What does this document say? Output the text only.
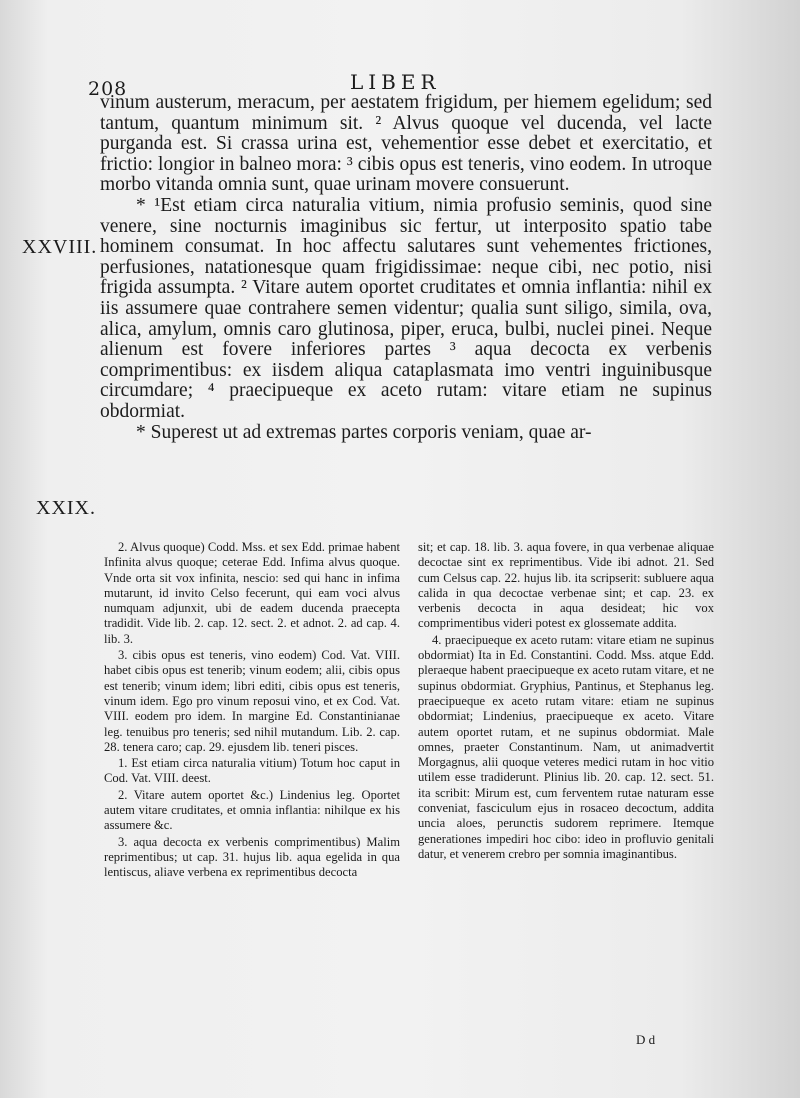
208	LIBER
XXVIII.
XXIX.

vinum austerum, meracum, per aestatem frigidum, per hiemem egelidum; sed tantum, quantum minimum sit. ² Alvus quoque vel ducenda, vel lacte purganda est. Si crassa urina est, vehementior esse debet et exercitatio, et frictio: longior in balneo mora: ³ cibis opus est teneris, vino eodem. In utroque morbo vitanda omnia sunt, quae urinam movere consuerunt.

* ¹Est etiam circa naturalia vitium, nimia profusio seminis, quod sine venere, sine nocturnis imaginibus sic fertur, ut interposito spatio tabe hominem consumat. In hoc affectu salutares sunt vehementes frictiones, perfusiones, natationesque quam frigidissimae: neque cibi, nec potio, nisi frigida assumpta. ² Vitare autem oportet cruditates et omnia inflantia: nihil ex iis assumere quae contrahere semen videntur; qualia sunt siligo, simila, ova, alica, amylum, omnis caro glutinosa, piper, eruca, bulbi, nuclei pinei. Neque alienum est fovere inferiores partes ³ aqua decocta ex verbenis comprimentibus: ex iisdem aliqua cataplasmata imo ventri inguinibusque circumdare; ⁴ praecipueque ex aceto rutam: vitare etiam ne supinus obdormiat.

* Superest ut ad extremas partes corporis veniam, quae ar-

2. Alvus quoque) Codd. Mss. et sex Edd. primae habent Infinita alvus quoque; ceterae Edd. Infima alvus quoque. Vnde orta sit vox infinita, nescio: sed qui hanc in infima mutarunt, id invito Celso fecerunt, qui eam voci alvus numquam adjunxit, ubi de eadem ducenda praecepta tradidit. Vide lib. 2. cap. 12. sect. 2. et adnot. 2. ad cap. 4. lib. 3.

3. cibis opus est teneris, vino eodem) Cod. Vat. VIII. habet cibis opus est tenerib; vinum eodem; alii, cibis opus est tenerib; vinum idem; libri editi, cibis opus est teneris, vinum idem. Ego pro vinum reposui vino, et ex Cod. Vat. VIII. eodem pro idem. In margine Ed. Constantinianae leg. tenuibus pro teneris; sed nihil mutandum. Lib. 2. cap. 28. tenera caro; cap. 29. ejusdem lib. teneri pisces.

1. Est etiam circa naturalia vitium) Totum hoc caput in Cod. Vat. VIII. deest.

2. Vitare autem oportet &c.) Lindenius leg. Oportet autem vitare cruditates, et omnia inflantia: nihilque ex his assumere &c.

3. aqua decocta ex verbenis comprimentibus) Malim reprimentibus; ut cap. 31. hujus lib. aqua egelida in qua lentiscus, aliave verbena ex reprimentibus decocta

sit; et cap. 18. lib. 3. aqua fovere, in qua verbenae aliquae decoctae sint ex reprimentibus. Vide ibi adnot. 21. Sed cum Celsus cap. 22. hujus lib. ita scripserit: subluere aqua calida in qua decoctae verbenae sint; et cap. 23. ex verbenis decocta in aqua desideat; hic vox comprimentibus videri potest ex glossemate addita.

4. praecipueque ex aceto rutam: vitare etiam ne supinus obdormiat) Ita in Ed. Constantini. Codd. Mss. atque Edd. pleraeque habent praecipueque ex aceto rutam vitare, et ne supinus obdormiat. Gryphius, Pantinus, et Stephanus leg. praecipueque ex aceto rutam vitare: etiam ne supinus obdormiat; Lindenius, praecipueque ex aceto. Vitare autem oportet rutam, et ne supinus obdormiat. Male omnes, praeter Constantinum. Nam, ut animadvertit Morgagnus, alii quoque veteres medici rutam in hoc vitio utilem esse tradiderunt. Plinius lib. 20. cap. 12. sect. 51. ita scribit: Mirum est, cum ferventem rutae naturam esse conveniat, fasciculum ejus in rosaceo decoctum, addita uncia aloes, perunctis sudorem reprimere. Itemque generationes impediri hoc cibo: ideo in profluvio genitali datur, et venerem crebro per somnia imaginantibus.

D d
